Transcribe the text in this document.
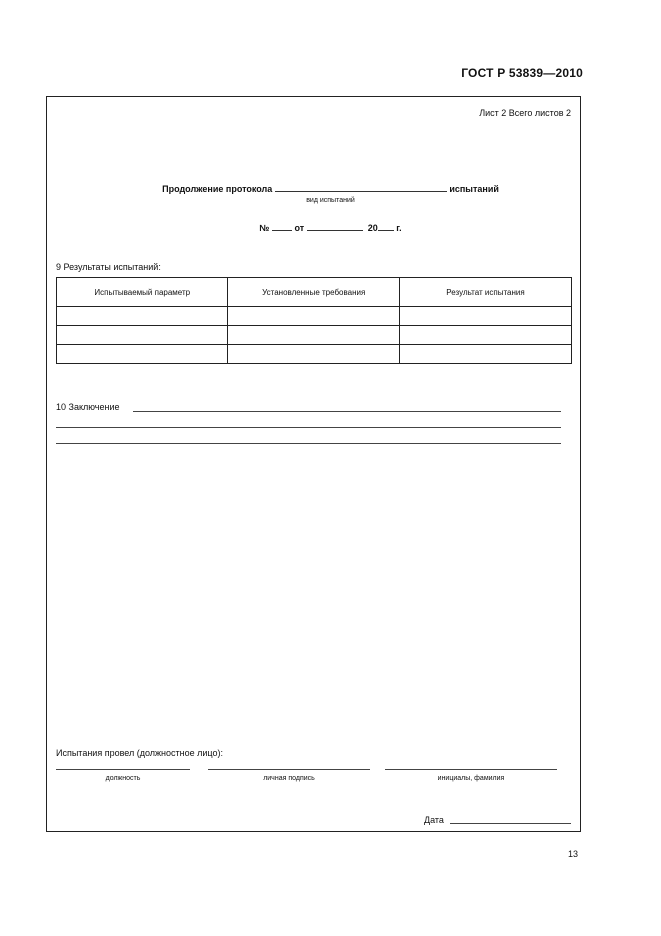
ГОСТ Р 53839—2010
Лист 2 Всего листов 2
Продолжение протокола	испытаний
вид испытаний
№	от	20 г.
9 Результаты испытаний:
Испытываемый параметр	Установленные требования	Результат испытания

10 Заключение
Испытания провел (должностное лицо):
должность	личная подпись	инициалы, фамилия
Дата
13
